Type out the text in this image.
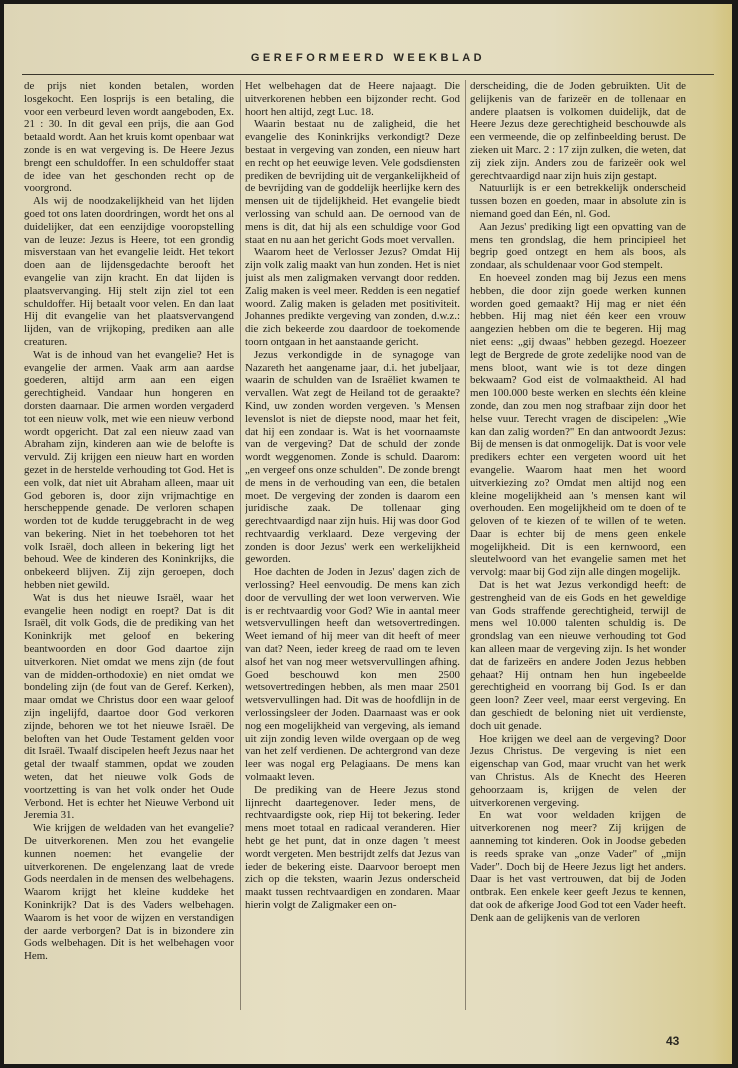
GEREFORMEERD WEEKBLAD

de prijs niet konden betalen, worden losgekocht. Een losprijs is een betaling, die voor een verbeurd leven wordt aangeboden, Ex. 21 : 30. In dit geval een prijs, die aan God betaald wordt. Aan het kruis komt openbaar wat zonde is en wat vergeving is. De Heere Jezus brengt een schuldoffer. In een schuldoffer staat de idee van het geschonden recht op de voorgrond.

Als wij de noodzakelijkheid van het lijden goed tot ons laten doordringen, wordt het ons al duidelijker, dat een eenzijdige vooropstelling van de leuze: Jezus is Heere, tot een grondig misverstaan van het evangelie leidt. Het tekort doen aan de lijdensgedachte berooft het evangelie van zijn kracht. En dat lijden is plaatsvervanging. Hij stelt zijn ziel tot een schuldoffer. Hij betaalt voor velen. En dan laat Hij dit evangelie van het plaatsvervangend lijden, van de vrijkoping, prediken aan alle creaturen.

Wat is de inhoud van het evangelie? Het is evangelie der armen. Vaak arm aan aardse goederen, altijd arm aan een eigen gerechtigheid. Vandaar hun hongeren en dorsten daarnaar. Die armen worden vergaderd tot een nieuw volk, met wie een nieuw verbond wordt opgericht. Dat zal een nieuw zaad van Abraham zijn, kinderen aan wie de belofte is vervuld. Zij krijgen een nieuw hart en worden gezet in de herstelde verhouding tot God. Het is een volk, dat niet uit Abraham alleen, maar uit God geboren is, door zijn vrijmachtige en herscheppende genade. De verloren schapen worden tot de kudde teruggebracht in de weg van bekering. Niet in het toebehoren tot het volk Israël, doch alleen in bekering ligt het behoud. Wee de kinderen des Koninkrijks, die onbekeerd blijven. Zij zijn geroepen, doch hebben niet gewild.

Wat is dus het nieuwe Israël, waar het evangelie heen nodigt en roept? Dat is dit Israël, dit volk Gods, die de prediking van het Koninkrijk met geloof en bekering beantwoorden en door God daartoe zijn uitverkoren. Niet omdat we mens zijn (de fout van de midden-orthodoxie) en niet omdat we bondeling zijn (de fout van de Geref. Kerken), maar omdat we Christus door een waar geloof zijn ingelijfd, daartoe door God verkoren zijnde, behoren we tot het nieuwe Israël. De beloften van het Oude Testament gelden voor dit Israël. Twaalf discipelen heeft Jezus naar het getal der twaalf stammen, opdat we zouden weten, dat het nieuwe volk Gods de voortzetting is van het volk onder het Oude Verbond. Het is echter het Nieuwe Verbond uit Jeremia 31.

Wie krijgen de weldaden van het evangelie? De uitverkorenen. Men zou het evangelie kunnen noemen: het evangelie der uitverkorenen. De engelenzang laat de vrede Gods neerdalen in de mensen des welbehagens. Waarom krijgt het kleine kuddeke het Koninkrijk? Dat is des Vaders welbehagen. Waarom is het voor de wijzen en verstandigen der aarde verborgen? Dat is in bizondere zin Gods welbehagen. Dit is het welbehagen voor Hem.

Het welbehagen dat de Heere najaagt. Die uitverkorenen hebben een bijzonder recht. God hoort hen altijd, zegt Luc. 18.

Waarin bestaat nu de zaligheid, die het evangelie des Koninkrijks verkondigt? Deze bestaat in vergeving van zonden, een nieuw hart en recht op het eeuwige leven. Vele godsdiensten prediken de bevrijding uit de vergankelijkheid of de bevrijding van de goddelijk heerlijke kern des mensen uit de tijdelijkheid. Het evangelie biedt verlossing van schuld aan. De oernood van de mens is dit, dat hij als een schuldige voor God staat en nu aan het gericht Gods moet vervallen.

Waarom heet de Verlosser Jezus? Omdat Hij zijn volk zalig maakt van hun zonden. Het is niet juist als men zaligmaken vervangt door redden. Zalig maken is veel meer. Redden is een negatief woord. Zalig maken is geladen met positiviteit. Johannes predikte vergeving van zonden, d.w.z.: die zich bekeerde zou daardoor de toekomende toorn ontgaan in het aanstaande gericht.

Jezus verkondigde in de synagoge van Nazareth het aangename jaar, d.i. het jubeljaar, waarin de schulden van de Israëliet kwamen te vervallen. Wat zegt de Heiland tot de geraakte? Kind, uw zonden worden vergeven. 's Mensen levenslot is niet de diepste nood, maar het feit, dat hij een zondaar is. Wat is het voornaamste van de vergeving? Dat de schuld der zonde wordt weggenomen. Zonde is schuld. Daarom: „en vergeef ons onze schulden". De zonde brengt de mens in de verhouding van een, die betalen moet. De vergeving der zonden is daarom een juridische zaak. De tollenaar ging gerechtvaardigd naar zijn huis. Hij was door God rechtvaardig verklaard. Deze vergeving der zonden is door Jezus' werk een werkelijkheid geworden.

Hoe dachten de Joden in Jezus' dagen zich de verlossing? Heel eenvoudig. De mens kan zich door de vervulling der wet loon verwerven. Wie is er rechtvaardig voor God? Wie in aantal meer wetsvervullingen heeft dan wetsovertredingen. Weet iemand of hij meer van dit heeft of meer van dat? Neen, ieder kreeg de raad om te leven alsof het van nog meer wetsvervullingen afhing. Goed beschouwd kon men 2500 wetsovertredingen hebben, als men maar 2501 wetsvervullingen had. Dit was de hoofdlijn in de verlossingsleer der Joden. Daarnaast was er ook nog een mogelijkheid van vergeving, als iemand uit zijn zondig leven wilde overgaan op de weg van het zelf verdienen. De achtergrond van deze leer was nogal erg Pelagiaans. De mens kan volmaakt leven.

De prediking van de Heere Jezus stond lijnrecht daartegenover. Ieder mens, de rechtvaardigste ook, riep Hij tot bekering. Ieder mens moet totaal en radicaal veranderen. Hier hebt ge het punt, dat in onze dagen 't meest wordt vergeten. Men bestrijdt zelfs dat Jezus van ieder de bekering eiste. Daarvoor beroept men zich op die teksten, waarin Jezus onderscheid maakt tussen rechtvaardigen en zondaren. Maar hierin volgt de Zaligmaker een on-

derscheiding, die de Joden gebruikten. Uit de gelijkenis van de farizeër en de tollenaar en andere plaatsen is volkomen duidelijk, dat de Heere Jezus deze gerechtigheid beschouwde als een vermeende, die op zelfinbeelding berust. De zieken uit Marc. 2 : 17 zijn zulken, die weten, dat zij ziek zijn. Anders zou de farizeër ook wel gerechtvaardigd naar zijn huis zijn gestapt.

Natuurlijk is er een betrekkelijk onderscheid tussen bozen en goeden, maar in absolute zin is niemand goed dan Eén, nl. God.

Aan Jezus' prediking ligt een opvatting van de mens ten grondslag, die hem principieel het begrip goed ontzegt en hem als boos, als zondaar, als schuldenaar voor God stempelt.

En hoeveel zonden mag bij Jezus een mens hebben, die door zijn goede werken kunnen worden goed gemaakt? Hij mag er niet één hebben. Hij mag niet één keer een vrouw aangezien hebben om die te begeren. Hij mag niet eens: „gij dwaas" hebben gezegd. Hoezeer legt de Bergrede de grote zedelijke nood van de mens bloot, want wie is tot deze dingen bekwaam? God eist de volmaaktheid. Al had men 100.000 beste werken en slechts één kleine zonde, dan zou men nog strafbaar zijn door het helse vuur. Terecht vragen de discipelen: „Wie kan dan zalig worden?" En dan antwoordt Jezus: Bij de mensen is dat onmogelijk. Dat is voor vele predikers echter een vergeten woord uit het evangelie. Waarom haat men het woord uitverkiezing zo? Omdat men altijd nog een kleine mogelijkheid aan 's mensen kant wil overhouden. Een mogelijkheid om te doen of te geloven of te kiezen of te willen of te weten. Daar is echter bij de mens geen enkele mogelijkheid. Dit is een kernwoord, een sleutelwoord van het evangelie samen met het vervolg: maar bij God zijn alle dingen mogelijk.

Dat is het wat Jezus verkondigd heeft: de gestrengheid van de eis Gods en het geweldige van Gods straffende gerechtigheid, terwijl de mens wel 10.000 talenten schuldig is. De grondslag van een nieuwe verhouding tot God kan alleen maar de vergeving zijn. Is het wonder dat de farizeërs en andere Joden Jezus hebben gehaat? Hij ontnam hen hun ingebeelde gerechtigheid en voorrang bij God. Is er dan geen loon? Zeer veel, maar eerst vergeving. En dan geschiedt de beloning niet uit verdienste, doch uit genade.

Hoe krijgen we deel aan de vergeving? Door Jezus Christus. De vergeving is niet een eigenschap van God, maar vrucht van het werk van Christus. Als de Knecht des Heeren gehoorzaam is, krijgen de velen der uitverkorenen vergeving.

En wat voor weldaden krijgen de uitverkorenen nog meer? Zij krijgen de aanneming tot kinderen. Ook in Joodse gebeden is reeds sprake van „onze Vader" of „mijn Vader". Doch bij de Heere Jezus ligt het anders. Daar is het vast vertrouwen, dat bij de Joden ontbrak. Een enkele keer geeft Jezus te kennen, dat ook de afkerige Jood God tot een Vader heeft. Denk aan de gelijkenis van de verloren

43
